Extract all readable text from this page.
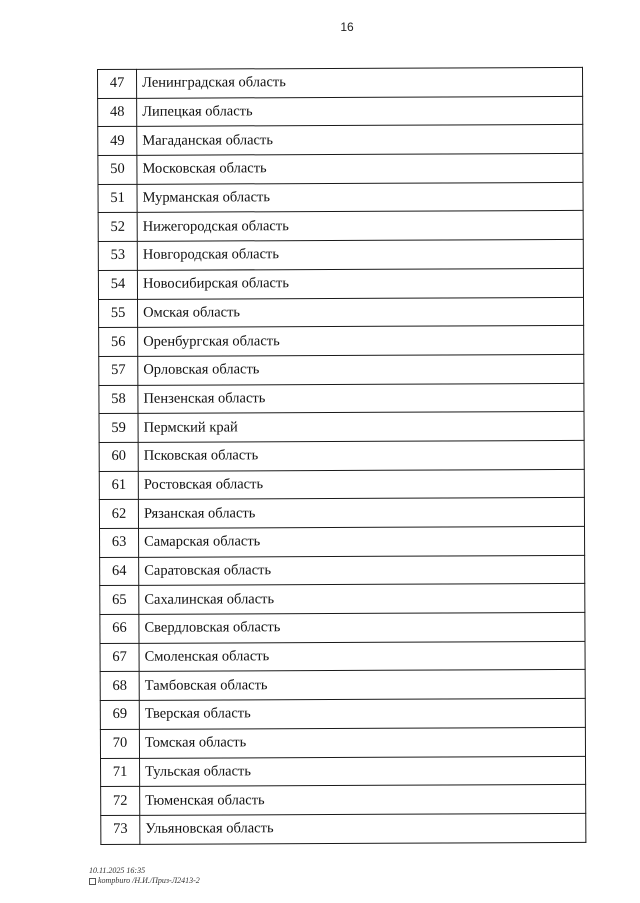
16
47	Ленинградская область
48	Липецкая область
49	Магаданская область
50	Московская область
51	Мурманская область
52	Нижегородская область
53	Новгородская область
54	Новосибирская область
55	Омская область
56	Оренбургская область
57	Орловская область
58	Пензенская область
59	Пермский край
60	Псковская область
61	Ростовская область
62	Рязанская область
63	Самарская область
64	Саратовская область
65	Сахалинская область
66	Свердловская область
67	Смоленская область
68	Тамбовская область
69	Тверская область
70	Томская область
71	Тульская область
72	Тюменская область
73	Ульяновская область
10.11.2025 16:35
kompburo /Н.И./Приз-Л2413-2
